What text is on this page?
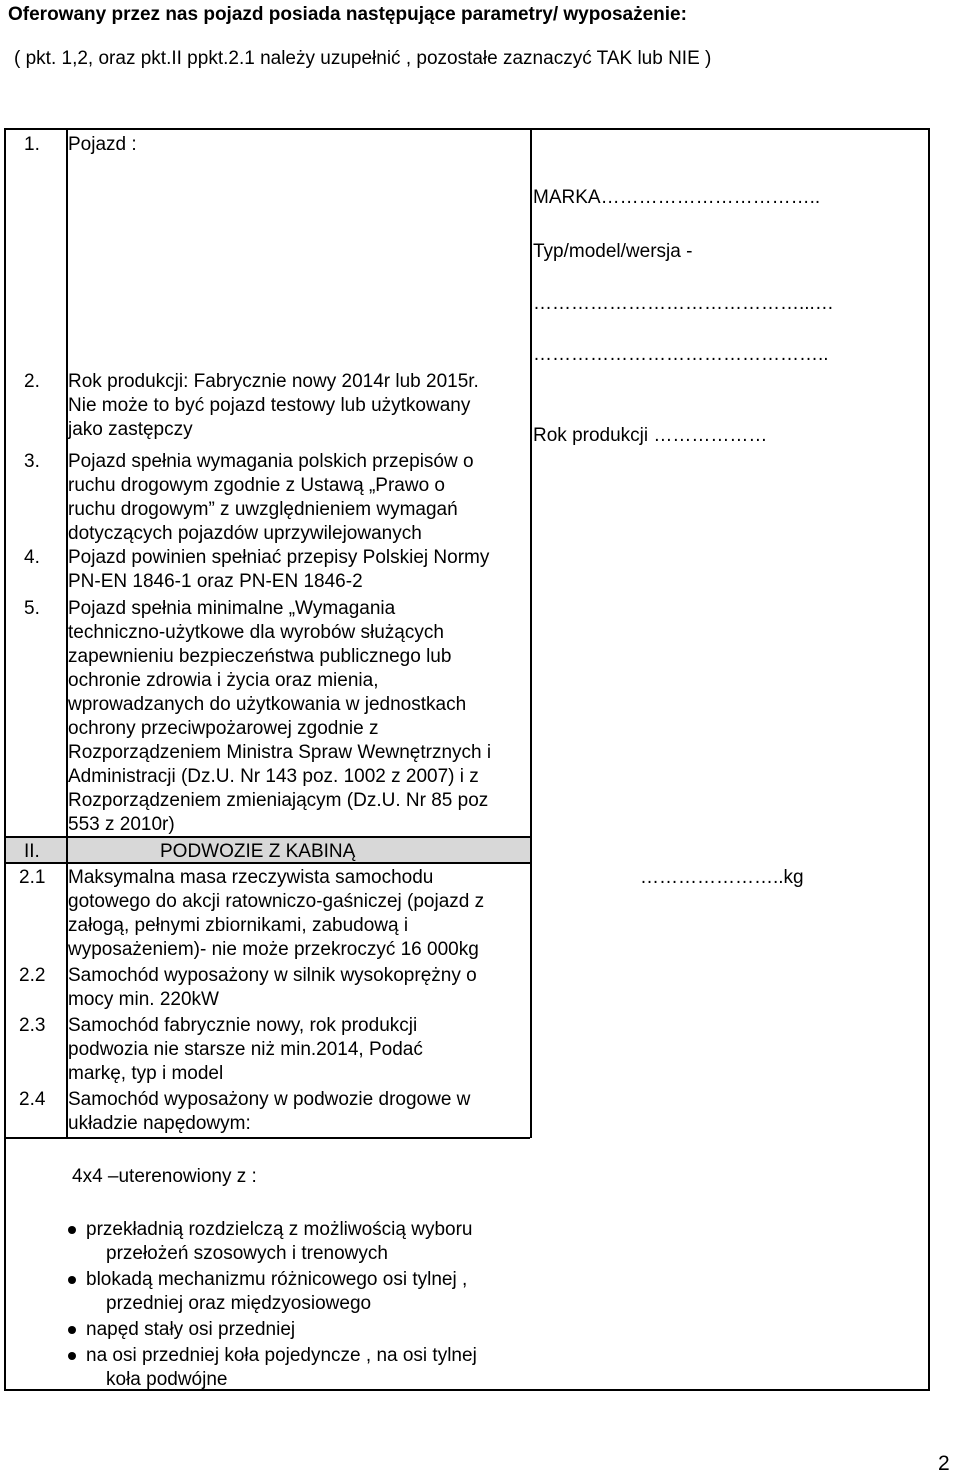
Oferowany przez nas pojazd posiada następujące parametry/ wyposażenie:
( pkt. 1,2, oraz pkt.II ppkt.2.1 należy uzupełnić , pozostałe zaznaczyć TAK lub NIE )
1. Pojazd :
MARKA……………………………..
Typ/model/wersja -
……………………………………...…
………………………………………..
Rok produkcji ………………
…………………..kg
2. Rok produkcji: Fabrycznie nowy 2014r lub 2015r.
Nie może to być pojazd testowy lub użytkowany
jako zastępczy
3. Pojazd spełnia wymagania polskich przepisów o
ruchu drogowym zgodnie z Ustawą „Prawo o
ruchu drogowym” z uwzględnieniem wymagań
dotyczących pojazdów uprzywilejowanych
4. Pojazd powinien spełniać przepisy Polskiej Normy
PN-EN 1846-1 oraz PN-EN 1846-2
5. Pojazd spełnia minimalne „Wymagania
techniczno-użytkowe dla wyrobów służących
zapewnieniu bezpieczeństwa publicznego lub
ochronie zdrowia i życia oraz mienia,
wprowadzanych do użytkowania w jednostkach
ochrony przeciwpożarowej zgodnie z
Rozporządzeniem Ministra Spraw Wewnętrznych i
Administracji (Dz.U. Nr 143 poz. 1002 z 2007) i z
Rozporządzeniem zmieniającym (Dz.U. Nr 85 poz
553 z 2010r)
II.	PODWOZIE Z KABINĄ
2.1 Maksymalna masa rzeczywista samochodu
gotowego do akcji ratowniczo-gaśniczej (pojazd z
załogą, pełnymi zbiornikami, zabudową i
wyposażeniem)- nie może przekroczyć 16 000kg
2.2 Samochód wyposażony w silnik wysokoprężny o
mocy min. 220kW
2.3 Samochód fabrycznie nowy, rok produkcji
podwozia nie starsze niż min.2014, Podać
markę, typ i model
2.4 Samochód wyposażony w podwozie drogowe w
układzie napędowym:
4x4 –uterenowiony z :
przekładnią rozdzielczą z możliwością wyboru
przełożeń szosowych i trenowych
blokadą mechanizmu różnicowego osi tylnej ,
przedniej oraz międzyosiowego
napęd stały osi przedniej
na osi przedniej koła pojedyncze , na osi tylnej
koła podwójne
2
